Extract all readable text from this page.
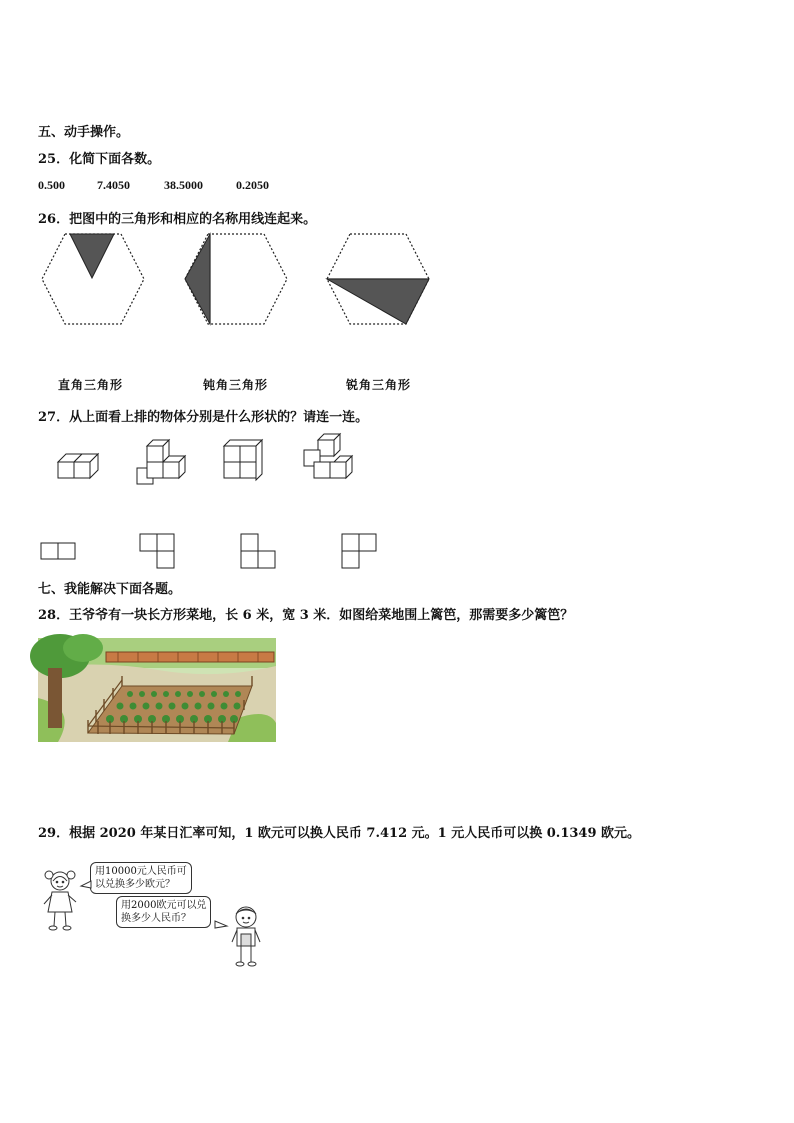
五、动手操作。
25．化简下面各数。
0.500	7.4050	38.5000	0.2050
26．把图中的三角形和相应的名称用线连起来。
直角三角形	钝角三角形	锐角三角形
27．从上面看上排的物体分别是什么形状的？请连一连。
七、我能解决下面各题。
28．王爷爷有一块长方形菜地，长 6 米，宽 3 米．如图给菜地围上篱笆，那需要多少篱笆？
29．根据 2020 年某日汇率可知，1 欧元可以换人民币 7.412 元。1 元人民币可以换 0.1349 欧元。
用10000元人民币可
以兑换多少欧元？
用2000欧元可以兑
换多少人民币？
